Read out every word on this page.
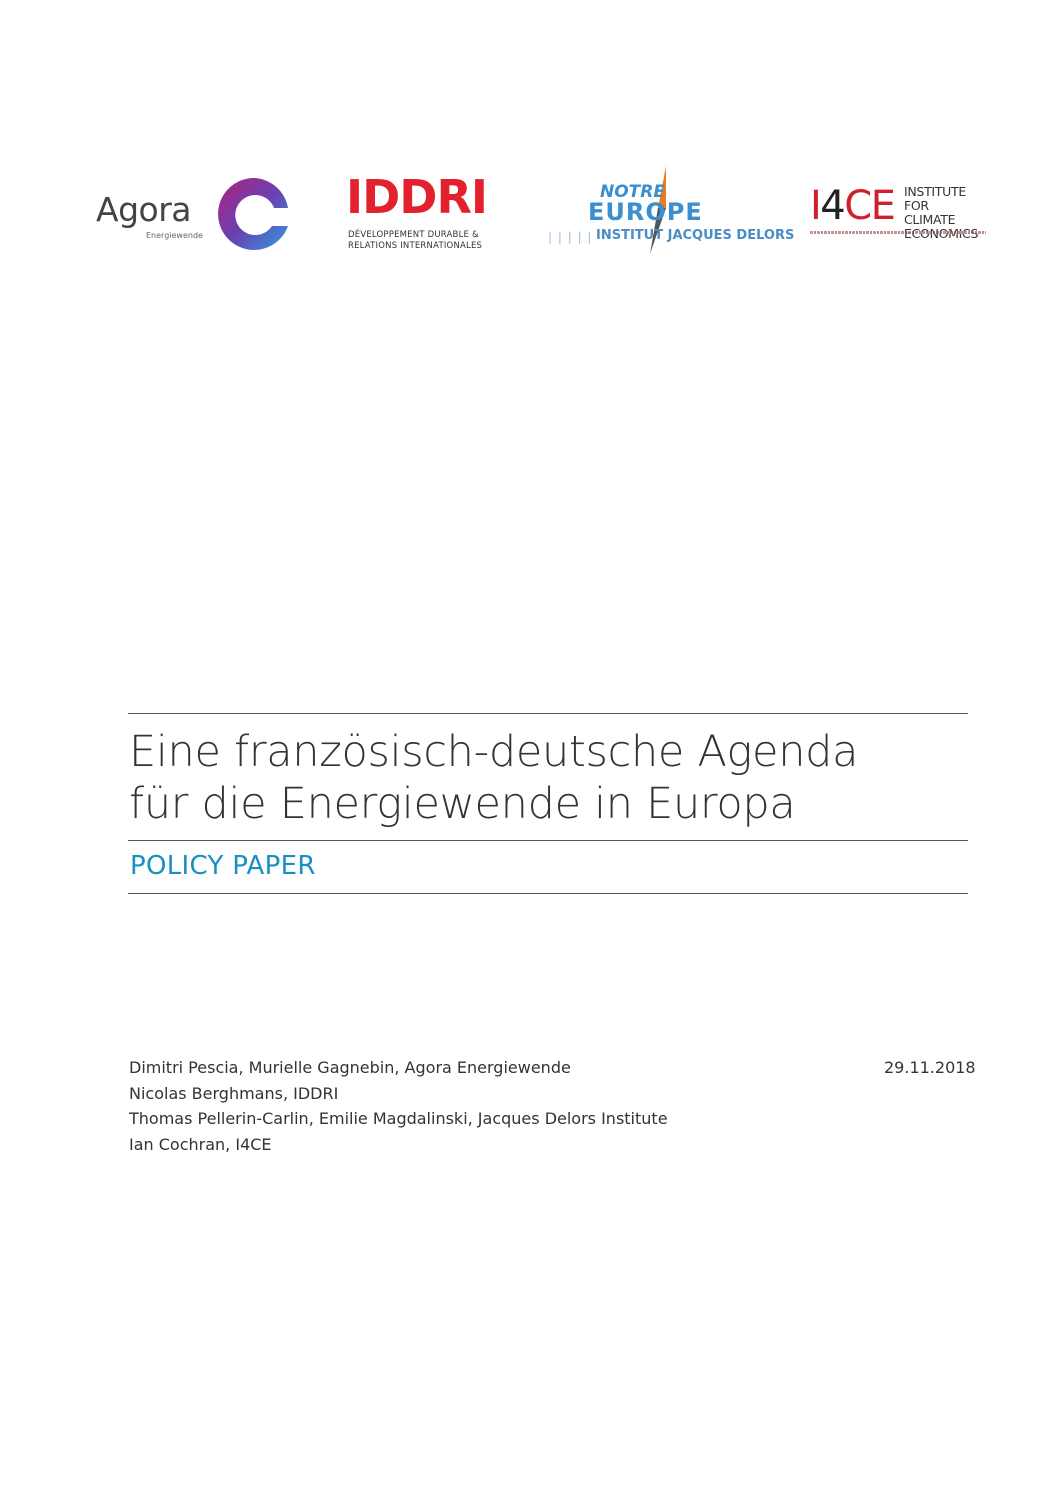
Agora
Energiewende
IDDRI
DÉVELOPPEMENT DURABLE &
RELATIONS INTERNATIONALES
NOTRE
EUROPE
| | | | | INSTITUT JACQUES DELORS
I4CE INSTITUTE FOR
CLIMATE
Eine französisch-deutsche Agenda
für die Energiewende in Europa
POLICY PAPER
Dimitri Pescia, Murielle Gagnebin, Agora Energiewende
Nicolas Berghmans, IDDRI
Thomas Pellerin-Carlin, Emilie Magdalinski, Jacques Delors Institute
Ian Cochran, I4CE
29.11.2018
